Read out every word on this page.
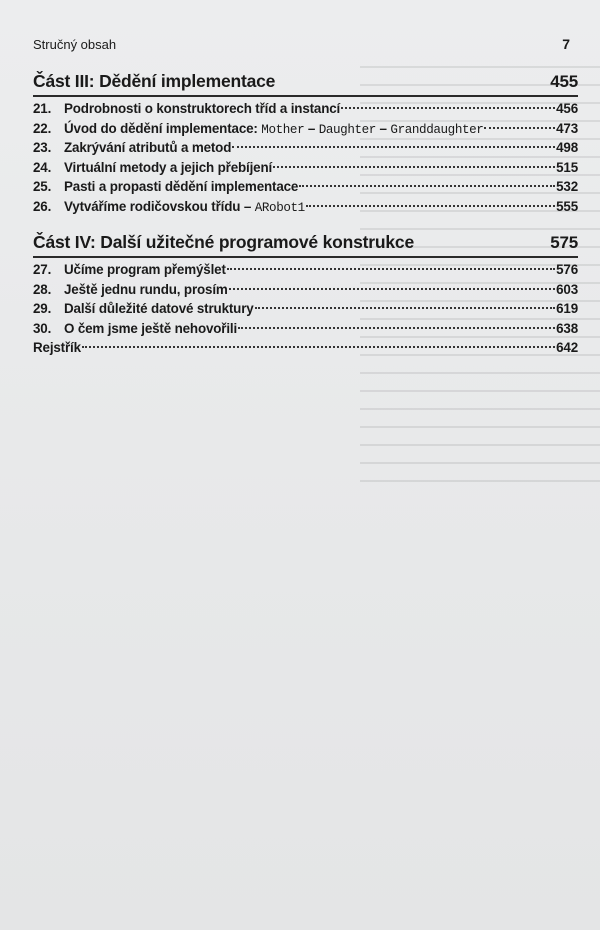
Stručný obsah	7
Část III: Dědění implementace	455
21. Podrobnosti o konstruktorech tříd a instancí	456
22. Úvod do dědění implementace: Mother – Daughter – Granddaughter	473
23. Zakrývání atributů a metod	498
24. Virtuální metody a jejich přebíjení	515
25. Pasti a propasti dědění implementace	532
26. Vytváříme rodičovskou třídu – ARobot1	555
Část IV: Další užitečné programové konstrukce	575
27. Učíme program přemýšlet	576
28. Ještě jednu rundu, prosím	603
29. Další důležité datové struktury	619
30. O čem jsme ještě nehovořili	638
Rejstřík	642
